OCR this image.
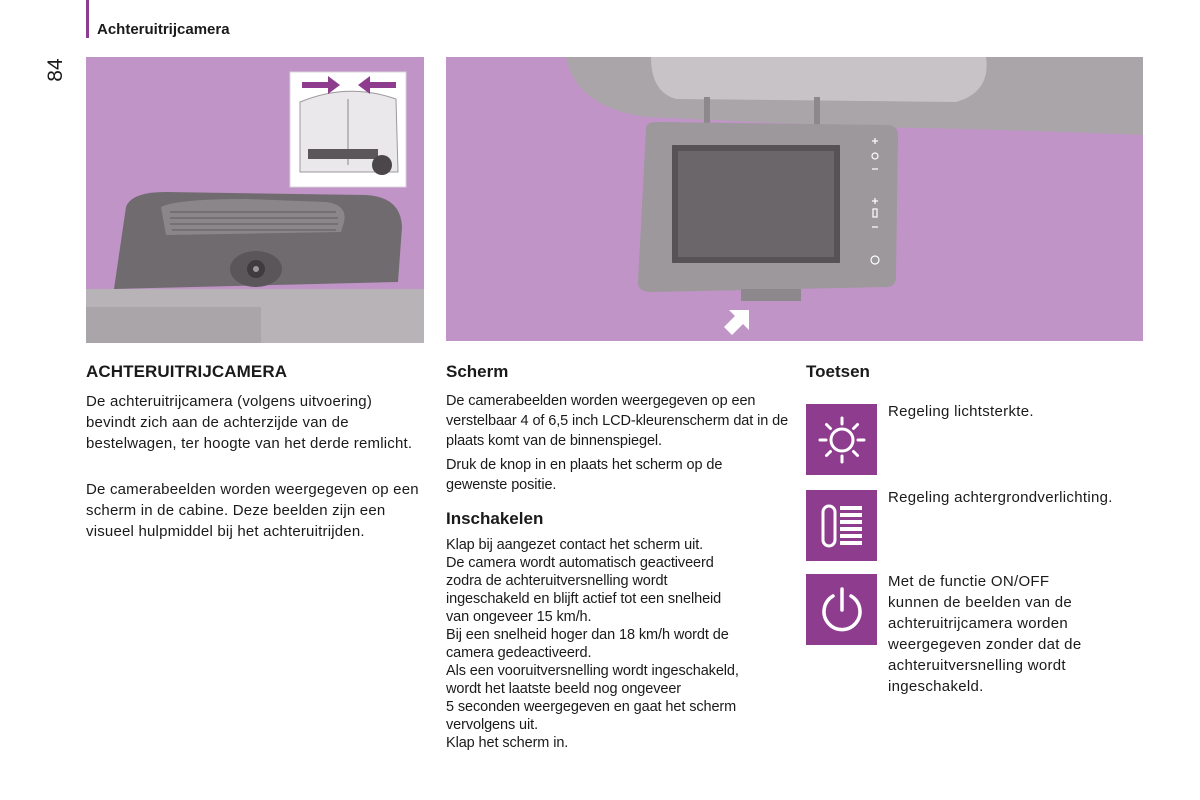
Achteruitrijcamera
84
ACHTERUITRIJCAMERA

De achteruitrijcamera (volgens uitvoering) bevindt zich aan de achterzijde van de bestelwagen, ter hoogte van het derde remlicht.

De camerabeelden worden weergegeven op een scherm in de cabine. Deze beelden zijn een visueel hulpmiddel bij het achteruitrijden.

Scherm

De camerabeelden worden weergegeven op een verstelbaar 4 of 6,5 inch LCD-kleurenscherm dat in de plaats komt van de binnenspiegel.

Druk de knop in en plaats het scherm op de gewenste positie.

Inschakelen
Klap bij aangezet contact het scherm uit.
De camera wordt automatisch geactiveerd
zodra de achteruitversnelling wordt
ingeschakeld en blijft actief tot een snelheid
van ongeveer 15 km/h.
Bij een snelheid hoger dan 18 km/h wordt de
camera gedeactiveerd.
Als een vooruitversnelling wordt ingeschakeld,
wordt het laatste beeld nog ongeveer
5 seconden weergegeven en gaat het scherm
vervolgens uit.
Klap het scherm in.
Toetsen

Regeling lichtsterkte.

Regeling achtergrondverlichting.

Met de functie ON/OFF kunnen de beelden van de achteruitrijcamera worden weergegeven zonder dat de achteruitversnelling wordt ingeschakeld.
